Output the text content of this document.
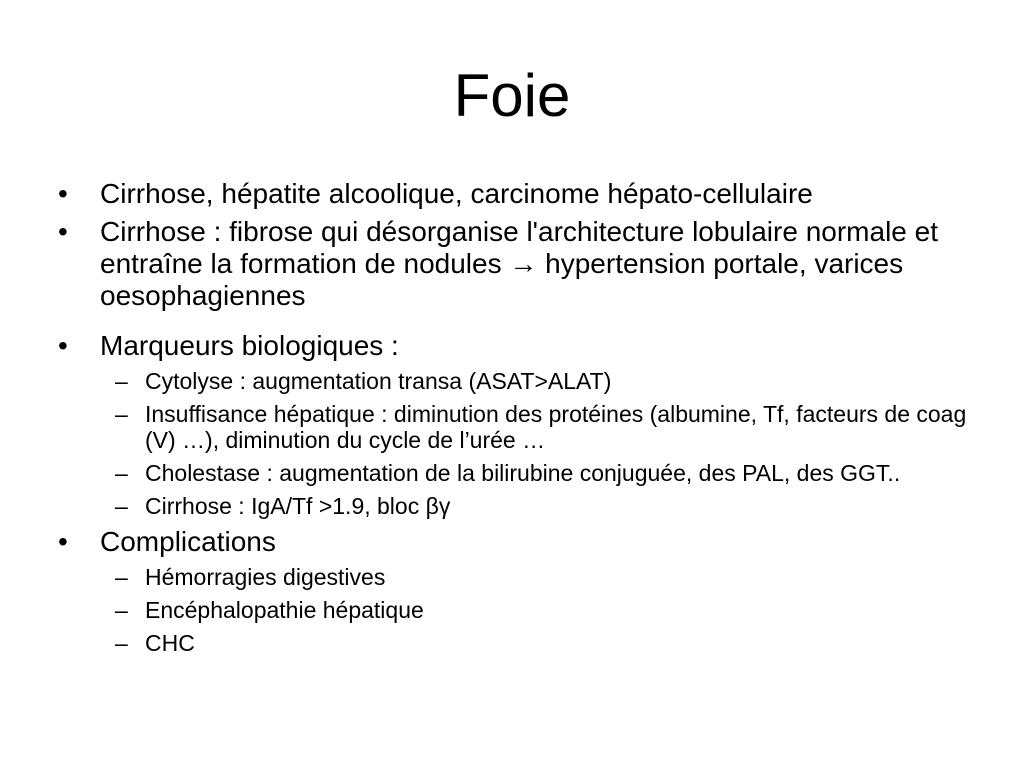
Foie
•	Cirrhose, hépatite alcoolique, carcinome hépato-cellulaire
•	Cirrhose : fibrose qui désorganise l'architecture lobulaire normale et entraîne la formation de nodules → hypertension portale, varices oesophagiennes
•	Marqueurs biologiques :
– Cytolyse : augmentation transa (ASAT>ALAT)
– Insuffisance hépatique : diminution des protéines (albumine, Tf, facteurs de coag (V) …), diminution du cycle de l’urée …
– Cholestase : augmentation de la bilirubine conjuguée, des PAL, des GGT..
– Cirrhose : IgA/Tf >1.9, bloc βγ
•	Complications
– Hémorragies digestives
– Encéphalopathie hépatique
– CHC
